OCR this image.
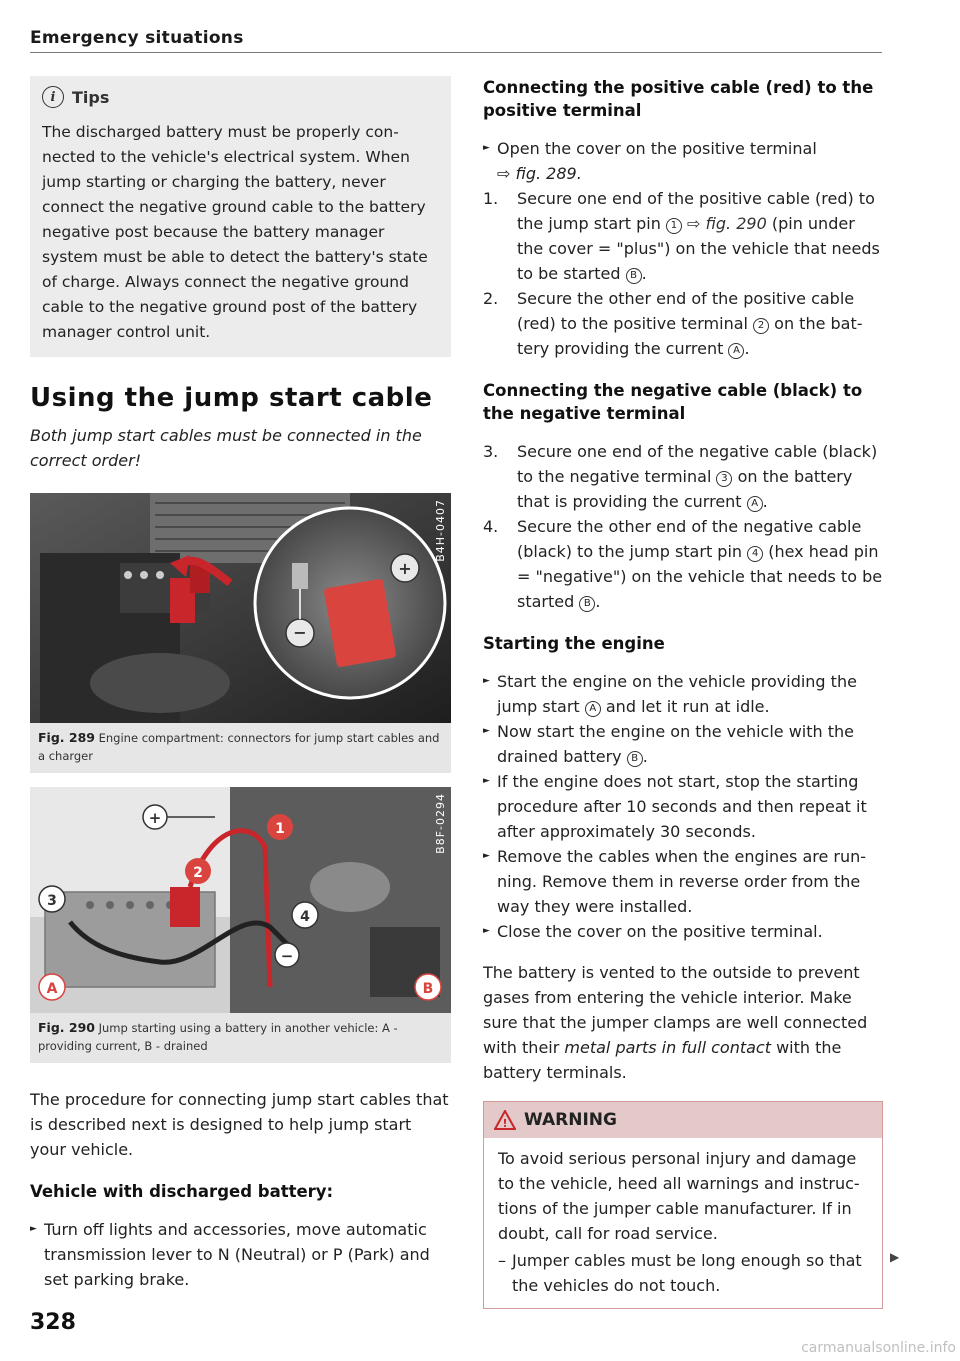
Emergency situations
i	Tips

The discharged battery must be properly con-nected to the vehicle's electrical system. When jump starting or charging the battery, never connect the negative ground cable to the battery negative post because the battery manager system must be able to detect the battery's state of charge. Always connect the negative ground cable to the negative ground post of the battery manager control unit.

Using the jump start cable

Both jump start cables must be connected in the correct order!

−
+
B4H-0407
Fig. 289 Engine compartment: connectors for jump start cables and a charger
+
1
2
3
4
−
A	B
B8F-0294
Fig. 290 Jump starting using a battery in another vehicle: A - providing current, B - drained

The procedure for connecting jump start cables that is described next is designed to help jump start your vehicle.

Vehicle with discharged battery:
► Turn off lights and accessories, move automatic transmission lever to N (Neutral) or P (Park) and set parking brake.
Connecting the positive cable (red) to the positive terminal
► Open the cover on the positive terminal
⇨ fig. 289.
1. Secure one end of the positive cable (red) to the jump start pin 1 ⇨ fig. 290 (pin under the cover = "plus") on the vehicle that needs to be started B .
2. Secure the other end of the positive cable (red) to the positive terminal 2 on the bat-tery providing the current A .
Connecting the negative cable (black) to the negative terminal
3. Secure one end of the negative cable (black) to the negative terminal 3 on the battery that is providing the current A .
4. Secure the other end of the negative cable (black) to the jump start pin 4 (hex head pin = "negative") on the vehicle that needs to be started B .
Starting the engine
► Start the engine on the vehicle providing the jump start A and let it run at idle.
► Now start the engine on the vehicle with the drained battery B .
► If the engine does not start, stop the starting procedure after 10 seconds and then repeat it after approximately 30 seconds.
► Remove the cables when the engines are run-ning. Remove them in reverse order from the way they were installed.
► Close the cover on the positive terminal.

The battery is vented to the outside to prevent gases from entering the vehicle interior. Make sure that the jumper clamps are well connected with their metal parts in full contact with the battery terminals.

! WARNING

To avoid serious personal injury and damage to the vehicle, heed all warnings and instruc-tions of the jumper cable manufacturer. If in doubt, call for road service.

– Jumper cables must be long enough so that the vehicles do not touch.

▶
328
carmanualsonline.info
